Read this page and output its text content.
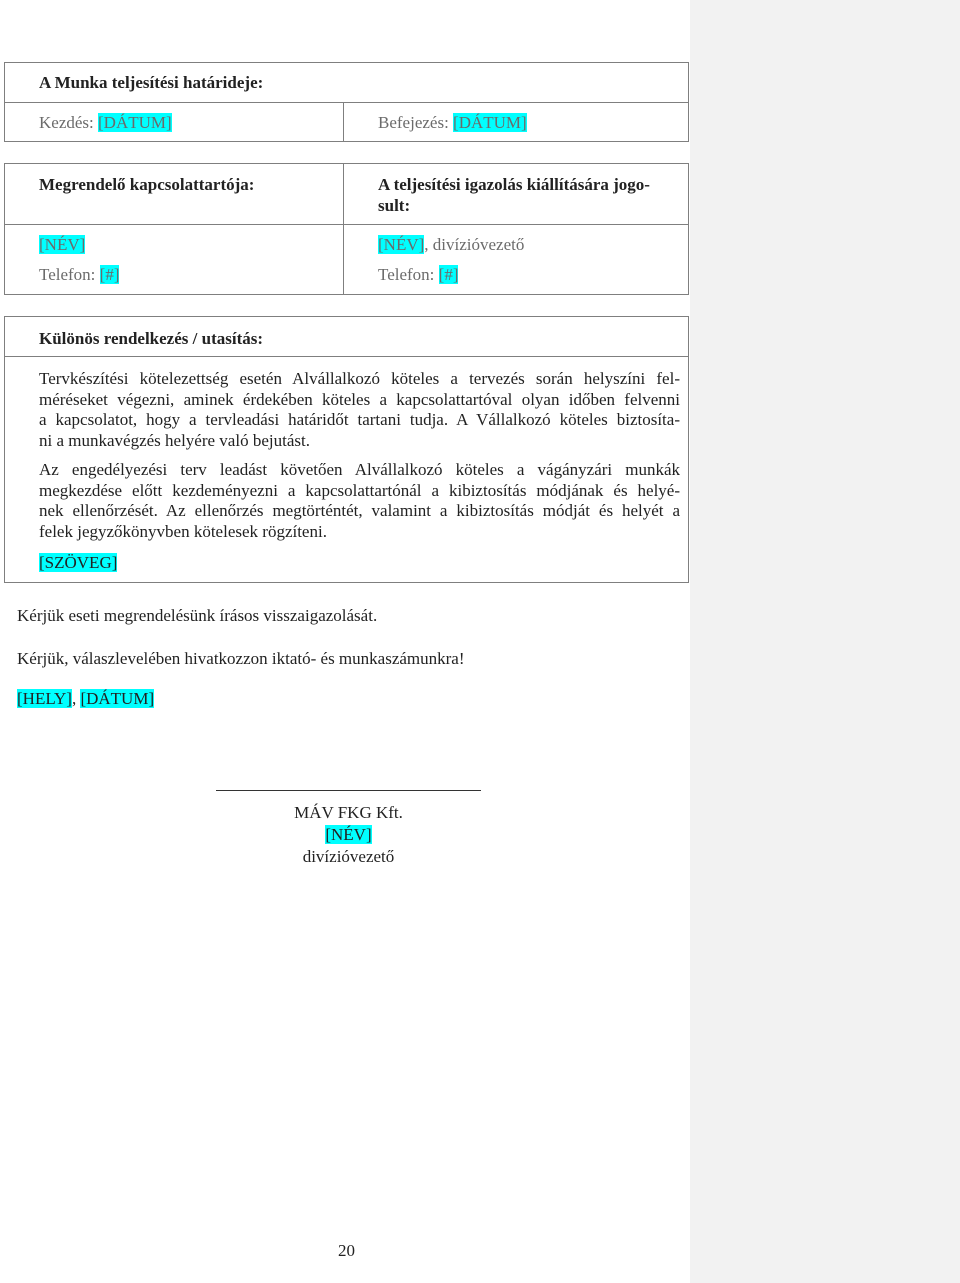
A Munka teljesítési határideje:
Kezdés: [DÁTUM]	Befejezés: [DÁTUM]
Megrendelő kapcsolattartója:	A teljesítési igazolás kiállítására jogo-
sult:
[NÉV]
Telefon: [#]
[NÉV], divízióvezető
Telefon: [#]
Különös rendelkezés / utasítás:
Tervkészítési kötelezettség esetén Alvállalkozó köteles a tervezés során helyszíni fel-
méréseket végezni, aminek érdekében köteles a kapcsolattartóval olyan időben felvenni
a kapcsolatot, hogy a tervleadási határidőt tartani tudja. A Vállalkozó köteles biztosíta-
ni a munkavégzés helyére való bejutást.
Az engedélyezési terv leadást követően Alvállalkozó köteles a vágányzári munkák
megkezdése előtt kezdeményezni a kapcsolattartónál a kibiztosítás módjának és helyé-
nek ellenőrzését. Az ellenőrzés megtörténtét, valamint a kibiztosítás módját és helyét a
felek jegyzőkönyvben kötelesek rögzíteni.
[SZÖVEG]
Kérjük eseti megrendelésünk írásos visszaigazolását.
Kérjük, válaszlevelében hivatkozzon iktató- és munkaszámunkra!
[HELY], [DÁTUM]
MÁV FKG Kft.
[NÉV]
divízióvezető
20
